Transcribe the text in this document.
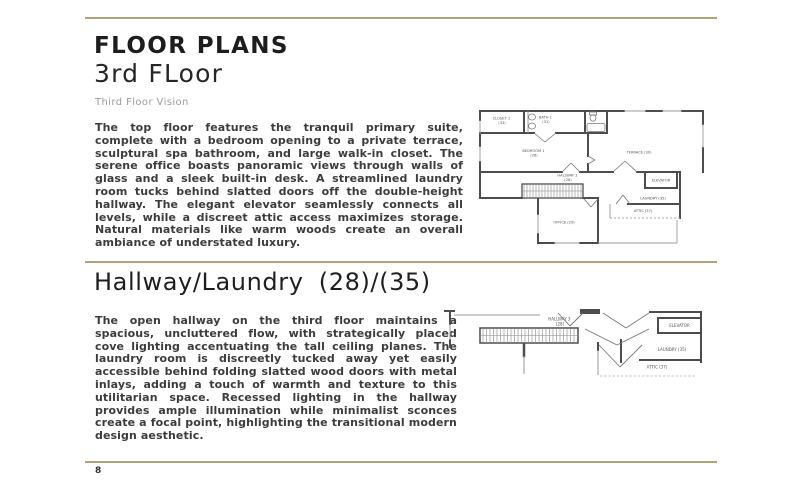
FLOOR PLANS
3rd FLoor
Third Floor Vision

The top floor features the tranquil primary suite, complete with a bedroom opening to a private terrace, sculptural spa bathroom, and large walk-in closet. The serene office boasts panoramic views through walls of glass and a sleek built-in desk. A streamlined laundry room tucks behind slatted doors off the double-height hallway. The elegant elevator seamlessly connects all levels, while a discreet attic access maximizes storage. Natural materials like warm woods create an overall ambiance of understated luxury.

CLOSET 1 (33)
BATH 1 (31)
BEDROOM 1 (26)
TERRACE (30)
HALLWAY 3 (28)	ELEVATOR
LAUNDRY (35)
ATTIC (37)
OFFICE (29)
Hallway/Laundry (28)/(35)

The open hallway on the third floor maintains a spacious, uncluttered flow, with strategically placed cove lighting accentuating the tall ceiling planes. The laundry room is discreetly tucked away yet easily accessible behind folding slatted wood doors with metal inlays, adding a touch of warmth and texture to this utilitarian space. Recessed lighting in the hallway provides ample illumination while minimalist sconces create a focal point, highlighting the transitional modern design aesthetic.

HALLWAY 3 (28)	ELEVATOR
LAUNDRY (35)
ATTIC (37)
8
